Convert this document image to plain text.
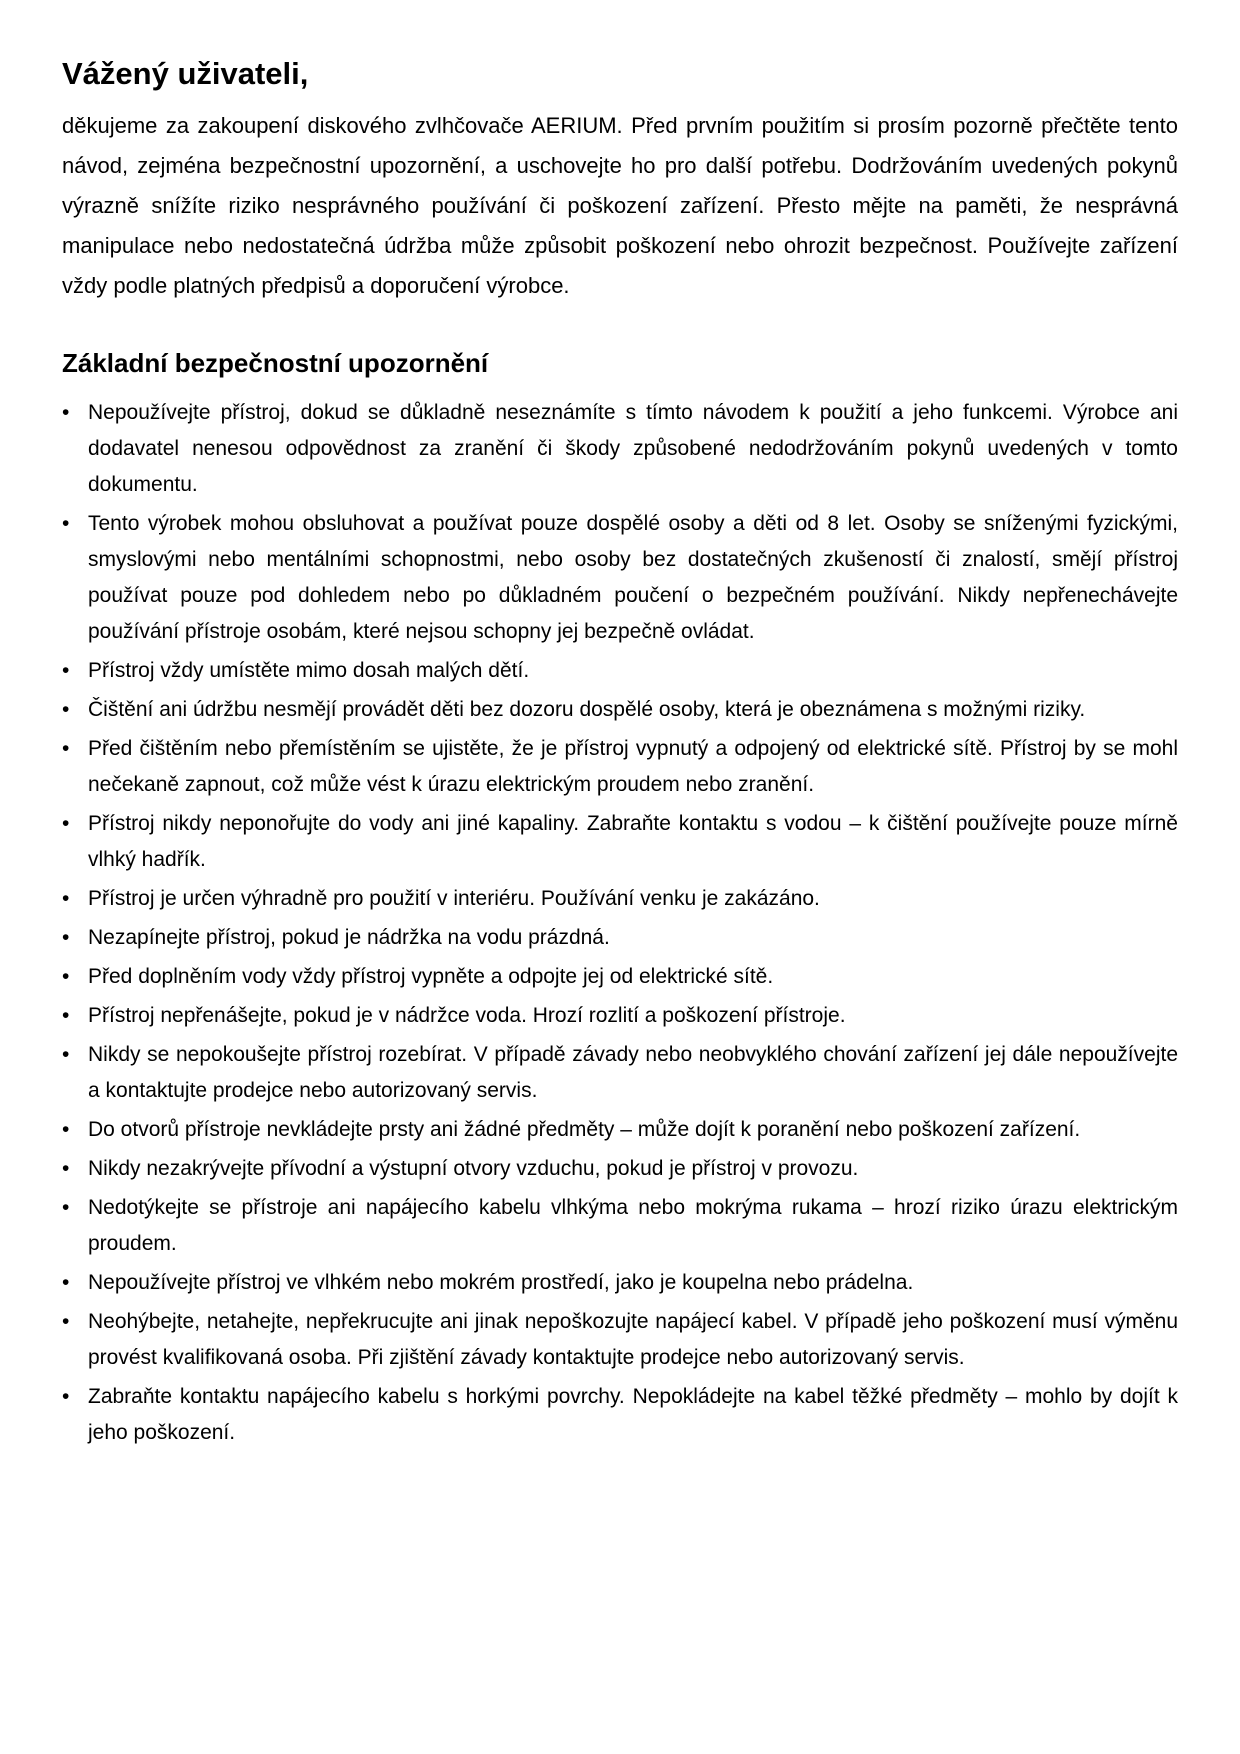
Vážený uživateli,

děkujeme za zakoupení diskového zvlhčovače AERIUM. Před prvním použitím si prosím pozorně přečtěte tento návod, zejména bezpečnostní upozornění, a uschovejte ho pro další potřebu. Dodržováním uvedených pokynů výrazně snížíte riziko nesprávného používání či poškození zařízení. Přesto mějte na paměti, že nesprávná manipulace nebo nedostatečná údržba může způsobit poškození nebo ohrozit bezpečnost. Používejte zařízení vždy podle platných předpisů a doporučení výrobce.

Základní bezpečnostní upozornění
• Nepoužívejte přístroj, dokud se důkladně neseznámíte s tímto návodem k použití a jeho funkcemi. Výrobce ani dodavatel nenesou odpovědnost za zranění či škody způsobené nedodržováním pokynů uvedených v tomto dokumentu.
• Tento výrobek mohou obsluhovat a používat pouze dospělé osoby a děti od 8 let. Osoby se sníženými fyzickými, smyslovými nebo mentálními schopnostmi, nebo osoby bez dostatečných zkušeností či znalostí, smějí přístroj používat pouze pod dohledem nebo po důkladném poučení o bezpečném používání. Nikdy nepřenechávejte používání přístroje osobám, které nejsou schopny jej bezpečně ovládat.
• Přístroj vždy umístěte mimo dosah malých dětí.
• Čištění ani údržbu nesmějí provádět děti bez dozoru dospělé osoby, která je obeznámena s možnými riziky.
• Před čištěním nebo přemístěním se ujistěte, že je přístroj vypnutý a odpojený od elektrické sítě. Přístroj by se mohl nečekaně zapnout, což může vést k úrazu elektrickým proudem nebo zranění.
• Přístroj nikdy neponořujte do vody ani jiné kapaliny. Zabraňte kontaktu s vodou – k čištění používejte pouze mírně vlhký hadřík.
• Přístroj je určen výhradně pro použití v interiéru. Používání venku je zakázáno.
• Nezapínejte přístroj, pokud je nádržka na vodu prázdná.
• Před doplněním vody vždy přístroj vypněte a odpojte jej od elektrické sítě.
• Přístroj nepřenášejte, pokud je v nádržce voda. Hrozí rozlití a poškození přístroje.
• Nikdy se nepokoušejte přístroj rozebírat. V případě závady nebo neobvyklého chování zařízení jej dále nepoužívejte a kontaktujte prodejce nebo autorizovaný servis.
• Do otvorů přístroje nevkládejte prsty ani žádné předměty – může dojít k poranění nebo poškození zařízení.
• Nikdy nezakrývejte přívodní a výstupní otvory vzduchu, pokud je přístroj v provozu.
• Nedotýkejte se přístroje ani napájecího kabelu vlhkýma nebo mokrýma rukama – hrozí riziko úrazu elektrickým proudem.
• Nepoužívejte přístroj ve vlhkém nebo mokrém prostředí, jako je koupelna nebo prádelna.
• Neohýbejte, netahejte, nepřekrucujte ani jinak nepoškozujte napájecí kabel. V případě jeho poškození musí výměnu provést kvalifikovaná osoba. Při zjištění závady kontaktujte prodejce nebo autorizovaný servis.
• Zabraňte kontaktu napájecího kabelu s horkými povrchy. Nepokládejte na kabel těžké předměty – mohlo by dojít k jeho poškození.
